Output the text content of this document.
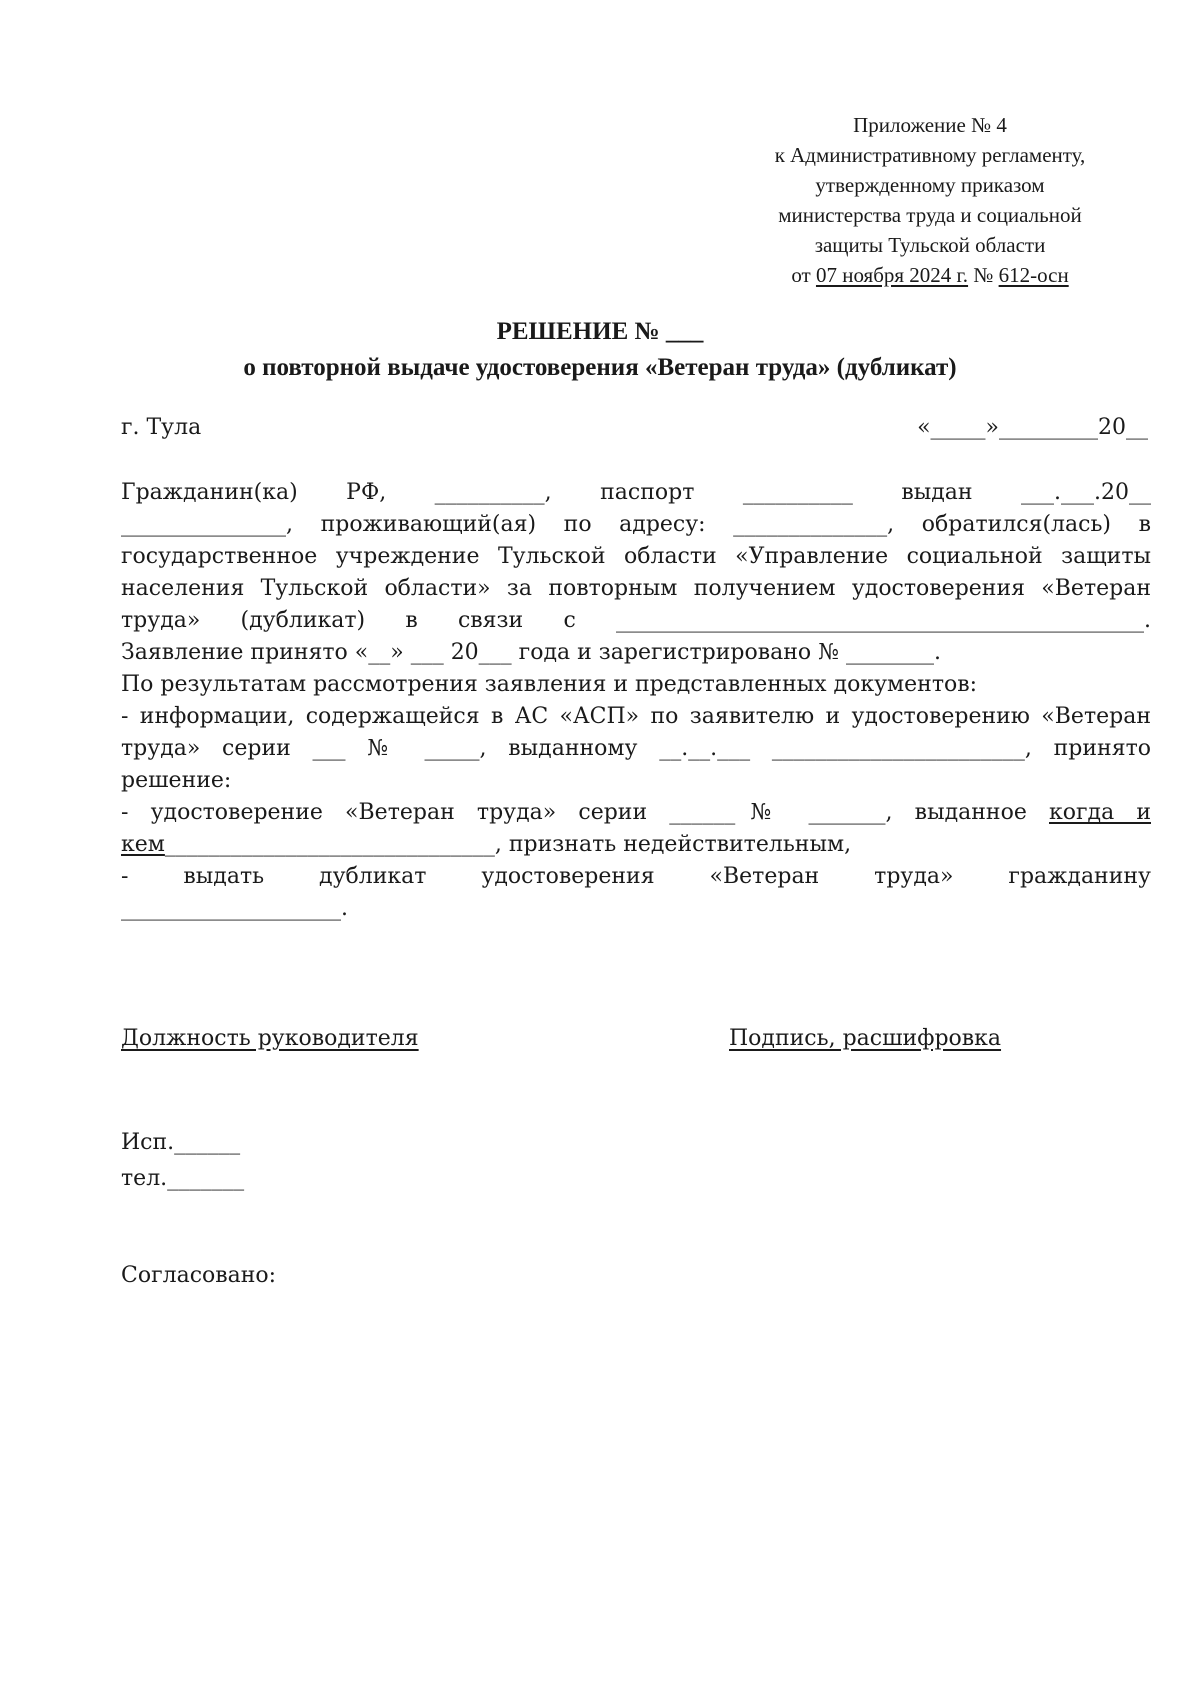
Приложение № 4
к Административному регламенту,
утвержденному приказом
министерства труда и социальной
защиты Тульской области
от 07 ноября 2024 г. № 612-осн
РЕШЕНИЕ № ___
о повторной выдаче удостоверения «Ветеран труда» (дубликат)
г. Тула	«_____»_________20__
Гражданин(ка) РФ, __________, паспорт __________ выдан ___.___.20__
_______________, проживающий(ая) по адресу: ______________, обратился(лась) в
государственное учреждение Тульской области «Управление социальной защиты
населения Тульской области» за повторным получением удостоверения «Ветеран
труда» (дубликат) в связи с ________________________________________________.
Заявление принято «__» ___ 20___ года и зарегистрировано № ________.
По результатам рассмотрения заявления и представленных документов:
- информации, содержащейся в АС «АСП» по заявителю и удостоверению «Ветеран
труда» серии ___ № _____, выданному __.__.___ _______________________, принято
решение:
- удостоверение «Ветеран труда» серии ______№ _______, выданное когда и
кем______________________________, признать недействительным,
- выдать дубликат удостоверения «Ветеран труда» гражданину
____________________.
Должность руководителя	Подпись, расшифровка
Исп.______
тел._______
Согласовано:
